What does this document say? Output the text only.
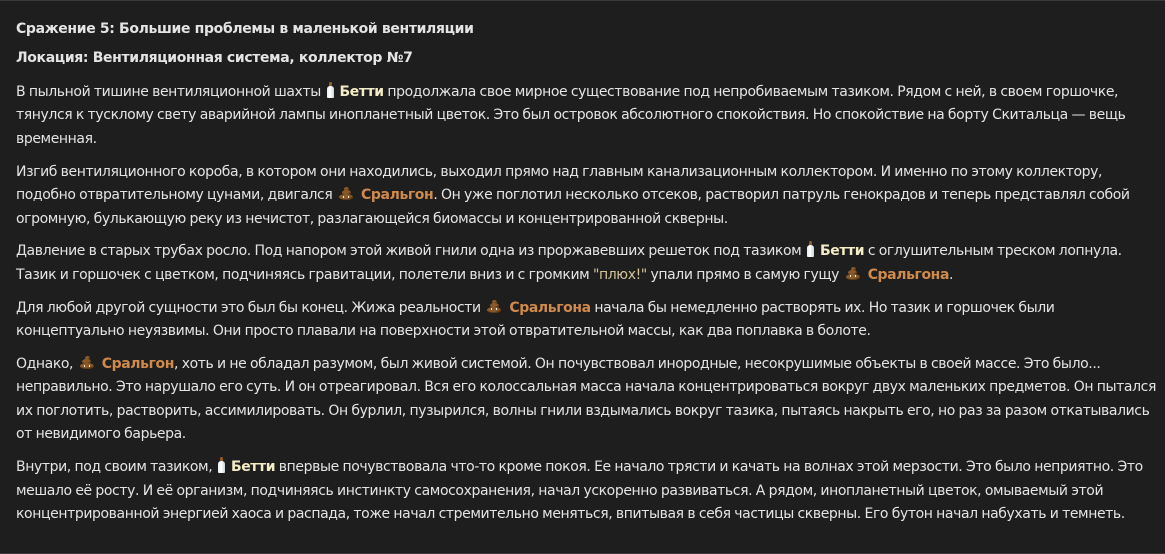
Сражение 5: Большие проблемы в маленькой вентиляции
Локация: Вентиляционная система, коллектор №7

В пыльной тишине вентиляционной шахты Бетти продолжала свое мирное существование под непробиваемым тазиком. Рядом с ней, в своем горшочке, тянулся к тусклому свету аварийной лампы инопланетный цветок. Это был островок абсолютного спокойствия. Но спокойствие на борту Скитальца — вещь временная.

Изгиб вентиляционного короба, в котором они находились, выходил прямо над главным канализационным коллектором. И именно по этому коллектору, подобно отвратительному цунами, двигался Сральгон. Он уже поглотил несколько отсеков, растворил патруль генокрадов и теперь представлял собой огромную, булькающую реку из нечистот, разлагающейся биомассы и концентрированной скверны.

Давление в старых трубах росло. Под напором этой живой гнили одна из проржавевших решеток под тазиком Бетти с оглушительным треском лопнула. Тазик и горшочек с цветком, подчиняясь гравитации, полетели вниз и с громким "плюх!" упали прямо в самую гущу Сральгона.

Для любой другой сущности это был бы конец. Жижа реальности Сральгона начала бы немедленно растворять их. Но тазик и горшочек были концептуально неуязвимы. Они просто плавали на поверхности этой отвратительной массы, как два поплавка в болоте.

Однако, Сральгон, хоть и не обладал разумом, был живой системой. Он почувствовал инородные, несокрушимые объекты в своей массе. Это было... неправильно. Это нарушало его суть. И он отреагировал. Вся его колоссальная масса начала концентрироваться вокруг двух маленьких предметов. Он пытался их поглотить, растворить, ассимилировать. Он бурлил, пузырился, волны гнили вздымались вокруг тазика, пытаясь накрыть его, но раз за разом откатывались от невидимого барьера.

Внутри, под своим тазиком, Бетти впервые почувствовала что-то кроме покоя. Ее начало трясти и качать на волнах этой мерзости. Это было неприятно. Это мешало её росту. И её организм, подчиняясь инстинкту самосохранения, начал ускоренно развиваться. А рядом, инопланетный цветок, омываемый этой концентрированной энергией хаоса и распада, тоже начал стремительно меняться, впитывая в себя частицы скверны. Его бутон начал набухать и темнеть.
